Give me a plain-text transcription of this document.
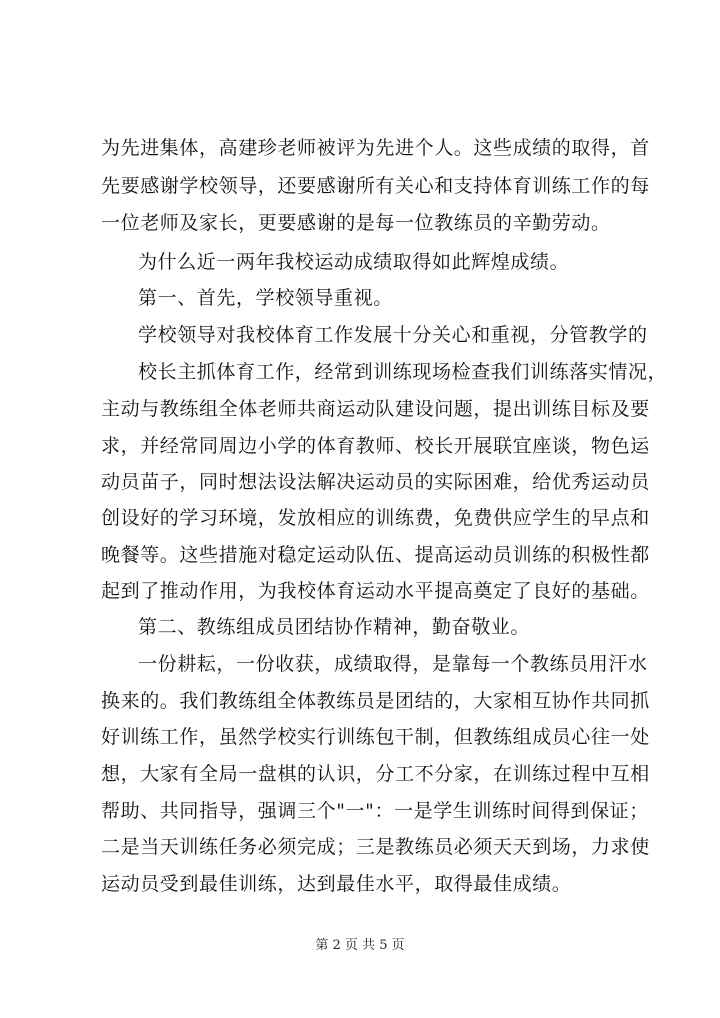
为先进集体，高建珍老师被评为先进个人。这些成绩的取得，首
先要感谢学校领导，还要感谢所有关心和支持体育训练工作的每
一位老师及家长，更要感谢的是每一位教练员的辛勤劳动。
为什么近一两年我校运动成绩取得如此辉煌成绩。
第一、首先，学校领导重视。
学校领导对我校体育工作发展十分关心和重视，分管教学的
校长主抓体育工作，经常到训练现场检查我们训练落实情况，
主动与教练组全体老师共商运动队建设问题，提出训练目标及要
求，并经常同周边小学的体育教师、校长开展联宜座谈，物色运
动员苗子，同时想法设法解决运动员的实际困难，给优秀运动员
创设好的学习环境，发放相应的训练费，免费供应学生的早点和
晚餐等。这些措施对稳定运动队伍、提高运动员训练的积极性都
起到了推动作用，为我校体育运动水平提高奠定了良好的基础。
第二、教练组成员团结协作精神，勤奋敬业。
一份耕耘，一份收获，成绩取得，是靠每一个教练员用汗水
换来的。我们教练组全体教练员是团结的，大家相互协作共同抓
好训练工作，虽然学校实行训练包干制，但教练组成员心往一处
想，大家有全局一盘棋的认识，分工不分家，在训练过程中互相
帮助、共同指导，强调三个"一"：一是学生训练时间得到保证；
二是当天训练任务必须完成；三是教练员必须天天到场，力求使
运动员受到最佳训练，达到最佳水平，取得最佳成绩。
第 2 页 共 5 页
